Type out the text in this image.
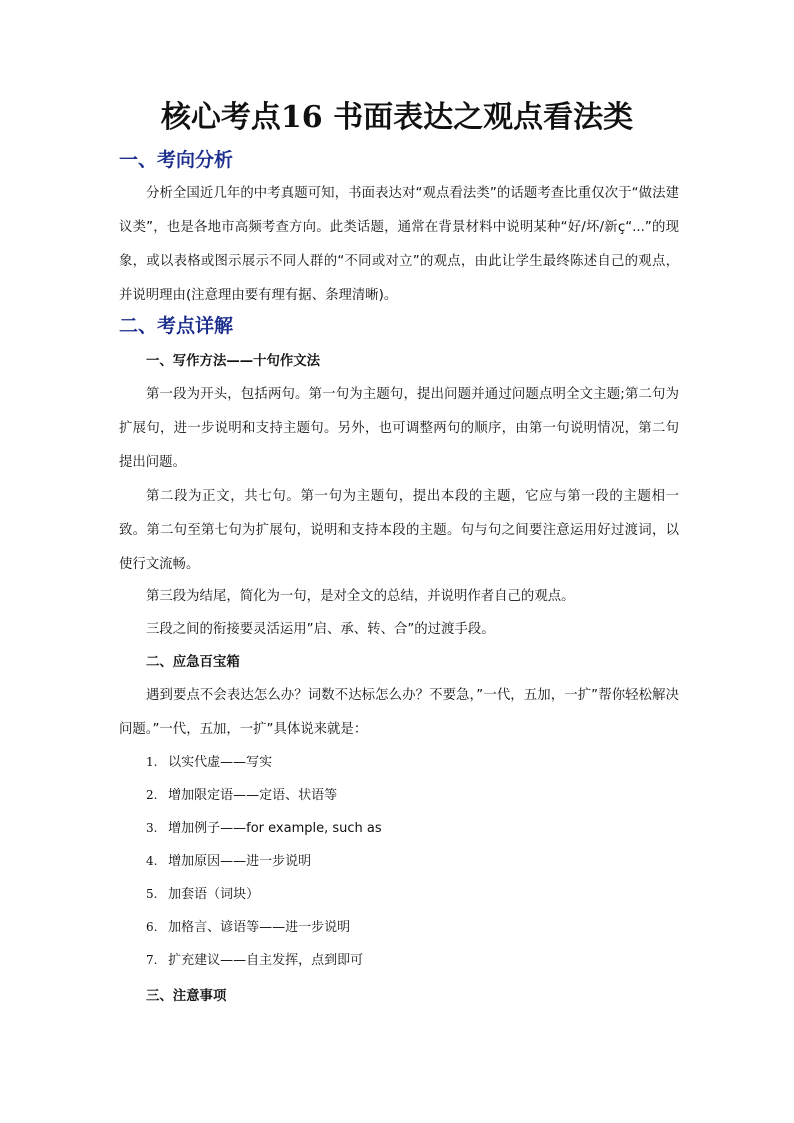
核心考点16 书面表达之观点看法类
一、考向分析

分析全国近几年的中考真题可知，书面表达对“观点看法类”的话题考查比重仅次于“做法建议类”，也是各地市高频考查方向。此类话题，通常在背景材料中说明某种“好/坏/新ç“...”的现象，或以表格或图示展示不同人群的“不同或对立”的观点，由此让学生最终陈述自己的观点，并说明理由(注意理由要有理有据、条理清晰)。

二、考点详解
一、写作方法——十句作文法

第一段为开头，包括两句。第一句为主题句，提出问题并通过问题点明全文主题;第二句为扩展句，进一步说明和支持主题句。另外，也可调整两句的顺序，由第一句说明情况，第二句提出问题。

第二段为正文，共七句。第一句为主题句，提出本段的主题，它应与第一段的主题相一致。第二句至第七句为扩展句，说明和支持本段的主题。句与句之间要注意运用好过渡词，以使行文流畅。

第三段为结尾，简化为一句，是对全文的总结，并说明作者自己的观点。

三段之间的衔接要灵活运用”启、承、转、合”的过渡手段。

二、应急百宝箱

遇到要点不会表达怎么办？词数不达标怎么办？不要急，”一代，五加，一扩”帮你轻松解决问题。”一代，五加，一扩”具体说来就是：

1. 以实代虚——写实
2. 增加限定语——定语、状语等
3. 增加例子——for example, such as
4. 增加原因——进一步说明
5. 加套语（词块）
6. 加格言、谚语等——进一步说明
7. 扩充建议——自主发挥，点到即可
三、注意事项
